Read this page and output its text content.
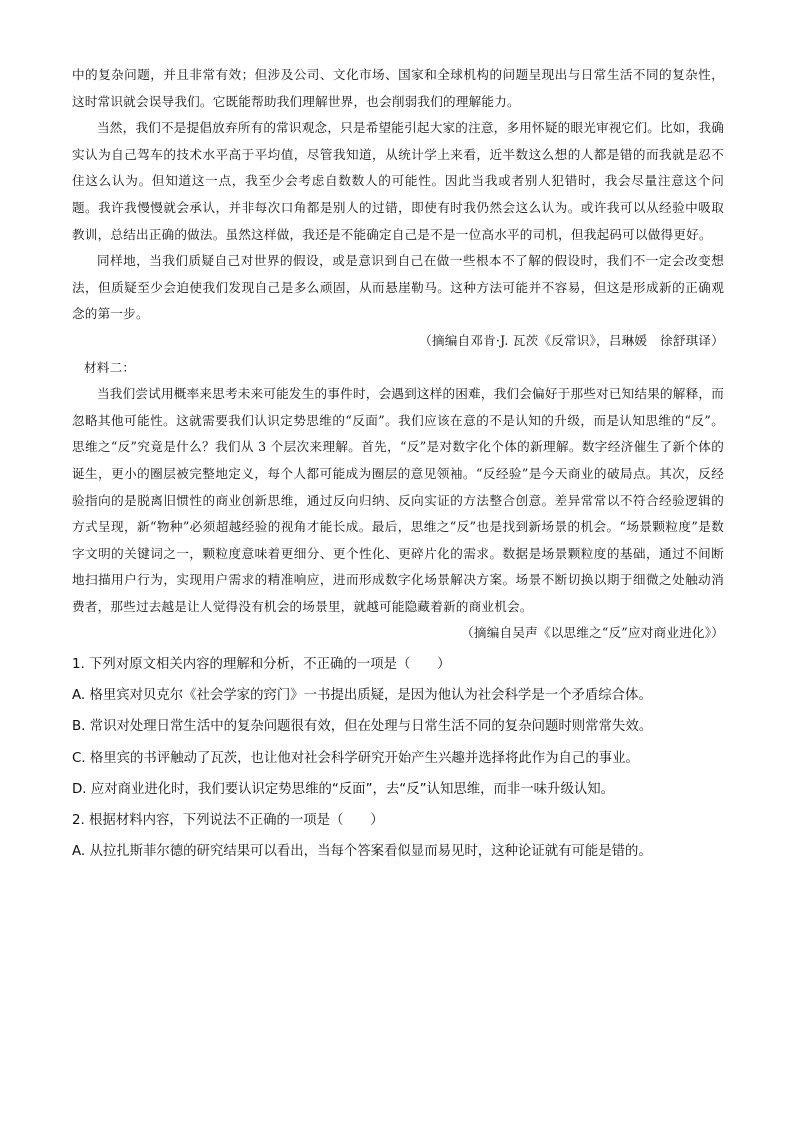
中的复杂问题，并且非常有效；但涉及公司、文化市场、国家和全球机构的问题呈现出与日常生活不同的复杂性，这时常识就会误导我们。它既能帮助我们理解世界，也会削弱我们的理解能力。

当然，我们不是提倡放弃所有的常识观念，只是希望能引起大家的注意，多用怀疑的眼光审视它们。比如，我确实认为自己驾车的技术水平高于平均值，尽管我知道，从统计学上来看，近半数这么想的人都是错的而我就是忍不住这么认为。但知道这一点，我至少会考虑自数数人的可能性。因此当我或者别人犯错时，我会尽量注意这个问题。我许我慢慢就会承认，并非每次口角都是别人的过错，即使有时我仍然会这么认为。或许我可以从经验中吸取教训，总结出正确的做法。虽然这样做，我还是不能确定自己是不是一位高水平的司机，但我起码可以做得更好。

同样地，当我们质疑自己对世界的假设，或是意识到自己在做一些根本不了解的假设时，我们不一定会改变想法，但质疑至少会迫使我们发现自己是多么顽固，从而悬崖勒马。这种方法可能并不容易，但这是形成新的正确观念的第一步。

（摘编自邓肯·J. 瓦茨《反常识》，吕琳媛　徐舒琪译）

材料二：

当我们尝试用概率来思考未来可能发生的事件时，会遇到这样的困难，我们会偏好于那些对已知结果的解释，而忽略其他可能性。这就需要我们认识定势思维的“反面”。我们应该在意的不是认知的升级，而是认知思维的“反”。思维之“反”究竟是什么？我们从 3 个层次来理解。首先，“反”是对数字化个体的新理解。数字经济催生了新个体的诞生，更小的圈层被完整地定义，每个人都可能成为圈层的意见领袖。“反经验”是今天商业的破局点。其次，反经验指向的是脱离旧惯性的商业创新思维，通过反向归纳、反向实证的方法整合创意。差异常常以不符合经验逻辑的方式呈现，新“物种”必须超越经验的视角才能长成。最后，思维之“反”也是找到新场景的机会。“场景颗粒度”是数字文明的关键词之一，颗粒度意味着更细分、更个性化、更碎片化的需求。数据是场景颗粒度的基础，通过不间断地扫描用户行为，实现用户需求的精准响应，进而形成数字化场景解决方案。场景不断切换以期于细微之处触动消费者，那些过去越是让人觉得没有机会的场景里，就越可能隐藏着新的商业机会。

（摘编自吴声《以思维之“反”应对商业进化》）

1. 下列对原文相关内容的理解和分析，不正确的一项是（　　）

A. 格里宾对贝克尔《社会学家的窍门》一书提出质疑，是因为他认为社会科学是一个矛盾综合体。

B. 常识对处理日常生活中的复杂问题很有效，但在处理与日常生活不同的复杂问题时则常常失效。

C. 格里宾的书评触动了瓦茨，也让他对社会科学研究开始产生兴趣并选择将此作为自己的事业。

D. 应对商业进化时，我们要认识定势思维的“反面”，去“反”认知思维，而非一味升级认知。

2. 根据材料内容，下列说法不正确的一项是（　　）

A. 从拉扎斯菲尔德的研究结果可以看出，当每个答案看似显而易见时，这种论证就有可能是错的。
